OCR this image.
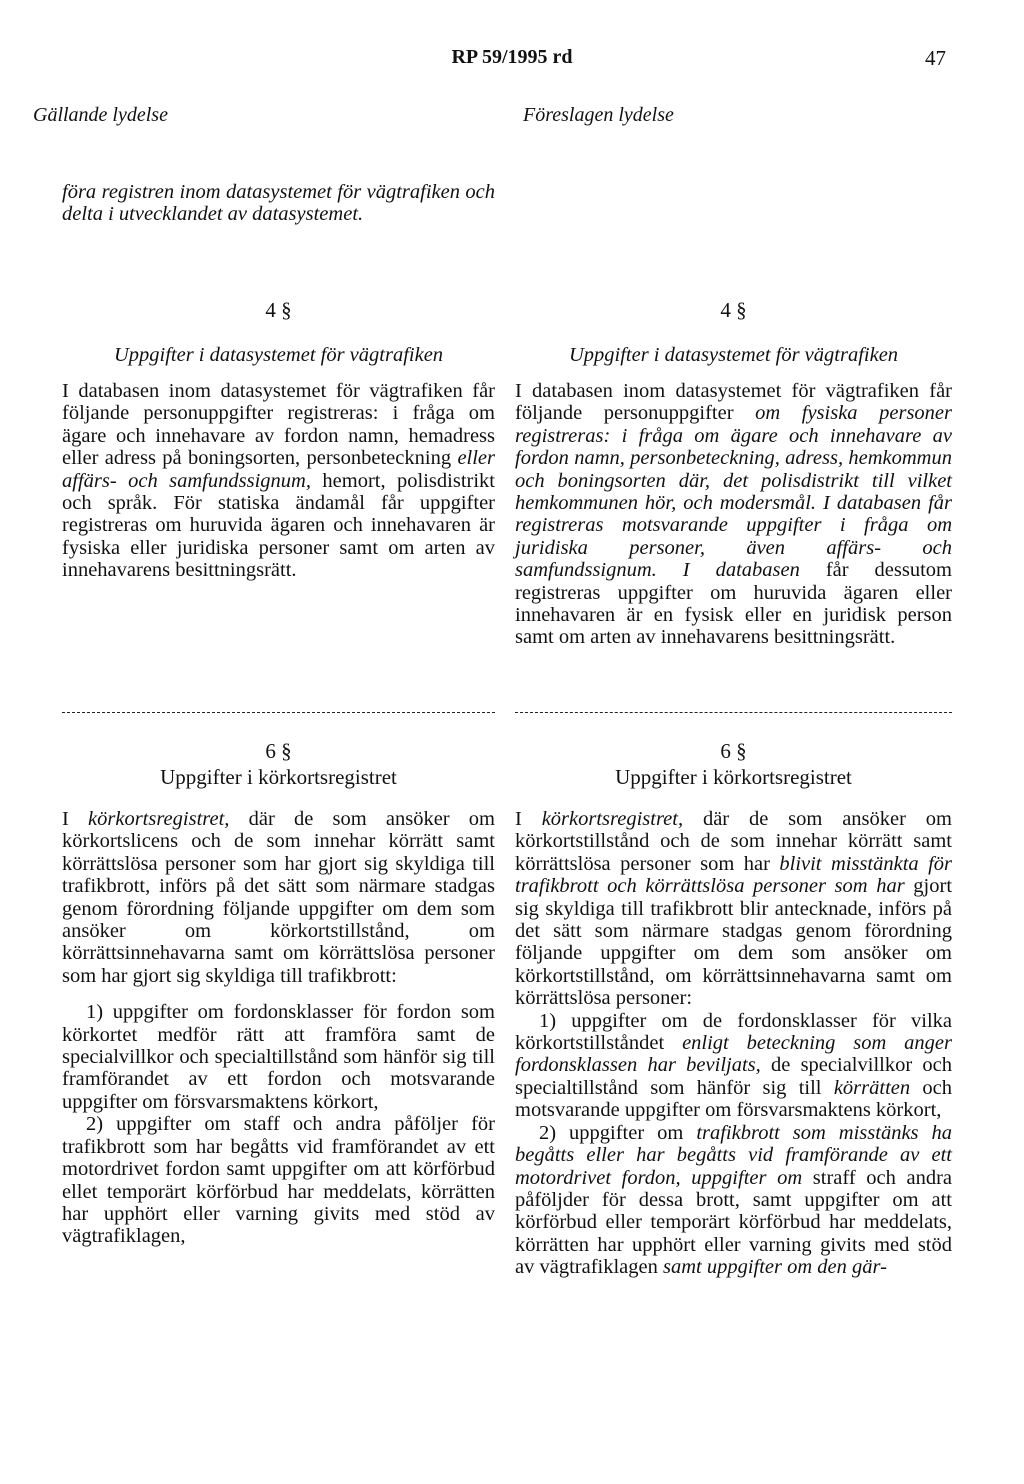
RP 59/1995 rd	47
Gällande lydelse	Föreslagen lydelse
föra registren inom datasystemet för vägtrafiken och delta i utvecklandet av datasystemet.
4 §
Uppgifter i datasystemet för vägtrafiken
I databasen inom datasystemet för vägtrafiken får följande personuppgifter registreras: i fråga om ägare och innehavare av fordon namn, hemadress eller adress på boningsorten, personbeteckning eller affärs- och samfundssignum, hemort, polisdistrikt och språk. För statiska ändamål får uppgifter registreras om huruvida ägaren och innehavaren är fysiska eller juridiska personer samt om arten av innehavarens besittningsrätt.
6 §
Uppgifter i körkortsregistret

I körkortsregistret, där de som ansöker om körkortslicens och de som innehar körrätt samt körrättslösa personer som har gjort sig skyldiga till trafikbrott, införs på det sätt som närmare stadgas genom förordning följande uppgifter om dem som ansöker om körkortstillstånd, om körrättsinnehavarna samt om körrättslösa personer som har gjort sig skyldiga till trafikbrott:

1) uppgifter om fordonsklasser för fordon som körkortet medför rätt att framföra samt de specialvillkor och specialtillstånd som hänför sig till framförandet av ett fordon och motsvarande uppgifter om försvarsmaktens körkort,

2) uppgifter om staff och andra påföljer för trafikbrott som har begåtts vid framförandet av ett motordrivet fordon samt uppgifter om att körförbud ellet temporärt körförbud har meddelats, körrätten har upphört eller varning givits med stöd av vägtrafiklagen,

4 §
Uppgifter i datasystemet för vägtrafiken
I databasen inom datasystemet för vägtrafiken får följande personuppgifter om fysiska personer registreras: i fråga om ägare och innehavare av fordon namn, personbeteckning, adress, hemkommun och boningsorten där, det polisdistrikt till vilket hemkommunen hör, och modersmål. I databasen får registreras motsvarande uppgifter i fråga om juridiska personer, även affärs- och samfundssignum. I databasen får dessutom registreras uppgifter om huruvida ägaren eller innehavaren är en fysisk eller en juridisk person samt om arten av innehavarens besittningsrätt.
6 §
Uppgifter i körkortsregistret

I körkortsregistret, där de som ansöker om körkortstillstånd och de som innehar körrätt samt körrättslösa personer som har blivit misstänkta för trafikbrott och körrättslösa personer som har gjort sig skyldiga till trafikbrott blir antecknade, införs på det sätt som närmare stadgas genom förordning följande uppgifter om dem som ansöker om körkortstillstånd, om körrättsinnehavarna samt om körrättslösa personer:

1) uppgifter om de fordonsklasser för vilka körkortstillståndet enligt beteckning som anger fordonsklassen har beviljats, de specialvillkor och specialtillstånd som hänför sig till körrätten och motsvarande uppgifter om försvarsmaktens körkort,

2) uppgifter om trafikbrott som misstänks ha begåtts eller har begåtts vid framförande av ett motordrivet fordon, uppgifter om straff och andra påföljder för dessa brott, samt uppgifter om att körförbud eller temporärt körförbud har meddelats, körrätten har upphört eller varning givits med stöd av vägtrafiklagen samt uppgifter om den gär-
